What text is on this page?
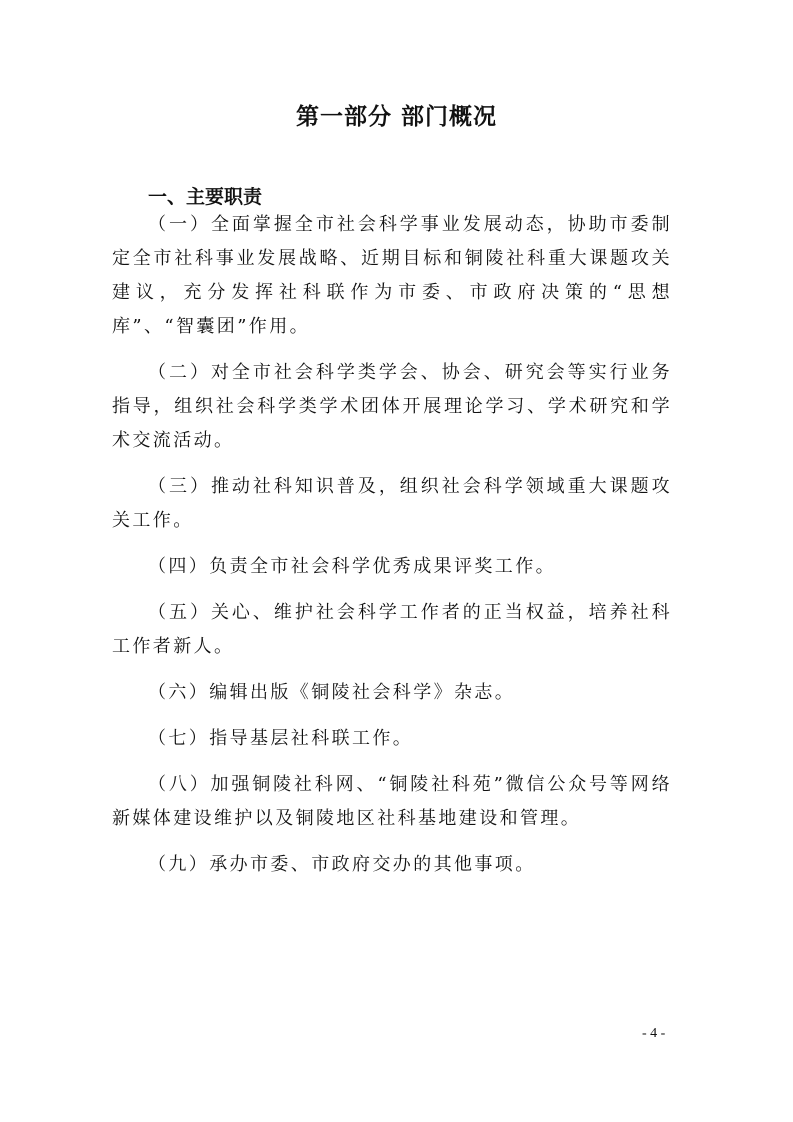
第一部分 部门概况
一、主要职责

（一）全面掌握全市社会科学事业发展动态，协助市委制定全市社科事业发展战略、近期目标和铜陵社科重大课题攻关建议，充分发挥社科联作为市委、市政府决策的“思想库”、“智囊团”作用。

（二）对全市社会科学类学会、协会、研究会等实行业务指导，组织社会科学类学术团体开展理论学习、学术研究和学术交流活动。

（三）推动社科知识普及，组织社会科学领域重大课题攻关工作。

（四）负责全市社会科学优秀成果评奖工作。

（五）关心、维护社会科学工作者的正当权益，培养社科工作者新人。

（六）编辑出版《铜陵社会科学》杂志。

（七）指导基层社科联工作。

（八）加强铜陵社科网、“铜陵社科苑”微信公众号等网络新媒体建设维护以及铜陵地区社科基地建设和管理。

（九）承办市委、市政府交办的其他事项。

- 4 -
